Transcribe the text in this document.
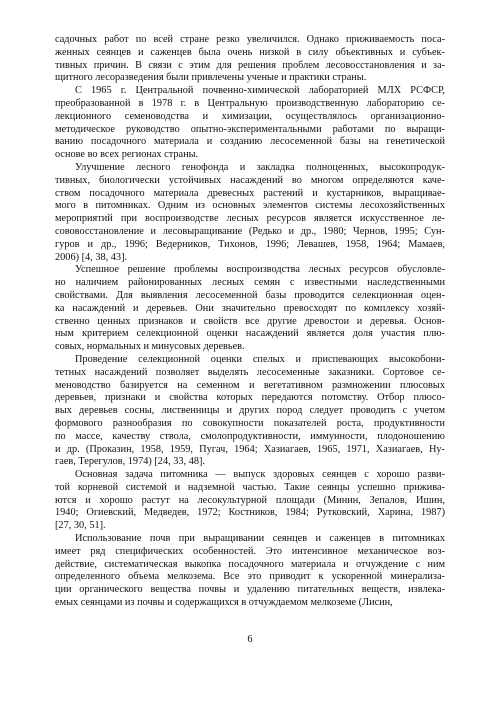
садочных работ по всей стране резко увеличился. Однако приживаемость поса-
женных сеянцев и саженцев была очень низкой в силу объективных и субъек-
тивных причин. В связи с этим для решения проблем лесовосстановления и за-
щитного лесоразведения были привлечены ученые и практики страны.

С 1965 г. Центральной почвенно-химической лабораторией МЛХ РСФСР,
преобразованной в 1978 г. в Центральную производственную лабораторию се-
лекционного семеноводства и химизации, осуществлялось организационно-
методическое руководство опытно-экспериментальными работами по выращи-
ванию посадочного материала и созданию лесосеменной базы на генетической
основе во всех регионах страны.

Улучшение лесного генофонда и закладка полноценных, высокопродук-
тивных, биологически устойчивых насаждений во многом определяются каче-
ством посадочного материала древесных растений и кустарников, выращивае-
мого в питомниках. Одним из основных элементов системы лесохозяйственных
мероприятий при воспроизводстве лесных ресурсов является искусственное ле-
сововосстановление и лесовыращивание (Редько и др., 1980; Чернов, 1995; Сун-
гуров и др., 1996; Ведерников, Тихонов, 1996; Левашев, 1958, 1964; Мамаев,
2006) [4, 38, 43].

Успешное решение проблемы воспроизводства лесных ресурсов обусловле-
но наличием районированных лесных семян с известными наследственными
свойствами. Для выявления лесосеменной базы проводится селекционная оцен-
ка насаждений и деревьев. Они значительно превосходят по комплексу хозяй-
ственно ценных признаков и свойств все другие древостои и деревья. Основ-
ным критерием селекционной оценки насаждений является доля участия плю-
совых, нормальных и минусовых деревьев.

Проведение селекционной оценки спелых и приспевающих высокобони-
тетных насаждений позволяет выделять лесосеменные заказники. Сортовое се-
меноводство базируется на семенном и вегетативном размножении плюсовых
деревьев, признаки и свойства которых передаются потомству. Отбор плюсо-
вых деревьев сосны, лиственницы и других пород следует проводить с учетом
формового разнообразия по совокупности показателей роста, продуктивности
по массе, качеству ствола, смолопродуктивности, иммунности, плодоношению
и др. (Проказин, 1958, 1959, Пугач, 1964; Хазиагаев, 1965, 1971, Хазиагаев, Ну-
гаев, Терегулов, 1974) [24, 33, 48].

Основная задача питомника — выпуск здоровых сеянцев с хорошо разви-
той корневой системой и надземной частью. Такие сеянцы успешно прижива-
ются и хорошо растут на лесокультурной площади (Минин, Зепалов, Ишин,
1940; Огиевский, Медведев, 1972; Костников, 1984; Рутковский, Харина, 1987)
[27, 30, 51].

Использование почв при выращивании сеянцев и саженцев в питомниках
имеет ряд специфических особенностей. Это интенсивное механическое воз-
действие, систематическая выкопка посадочного материала и отчуждение с ним
определенного объема мелкозема. Все это приводит к ускоренной минерализа-
ции органического вещества почвы и удалению питательных веществ, извлека-
емых сеянцами из почвы и содержащихся в отчуждаемом мелкоземе (Лисин,

6
